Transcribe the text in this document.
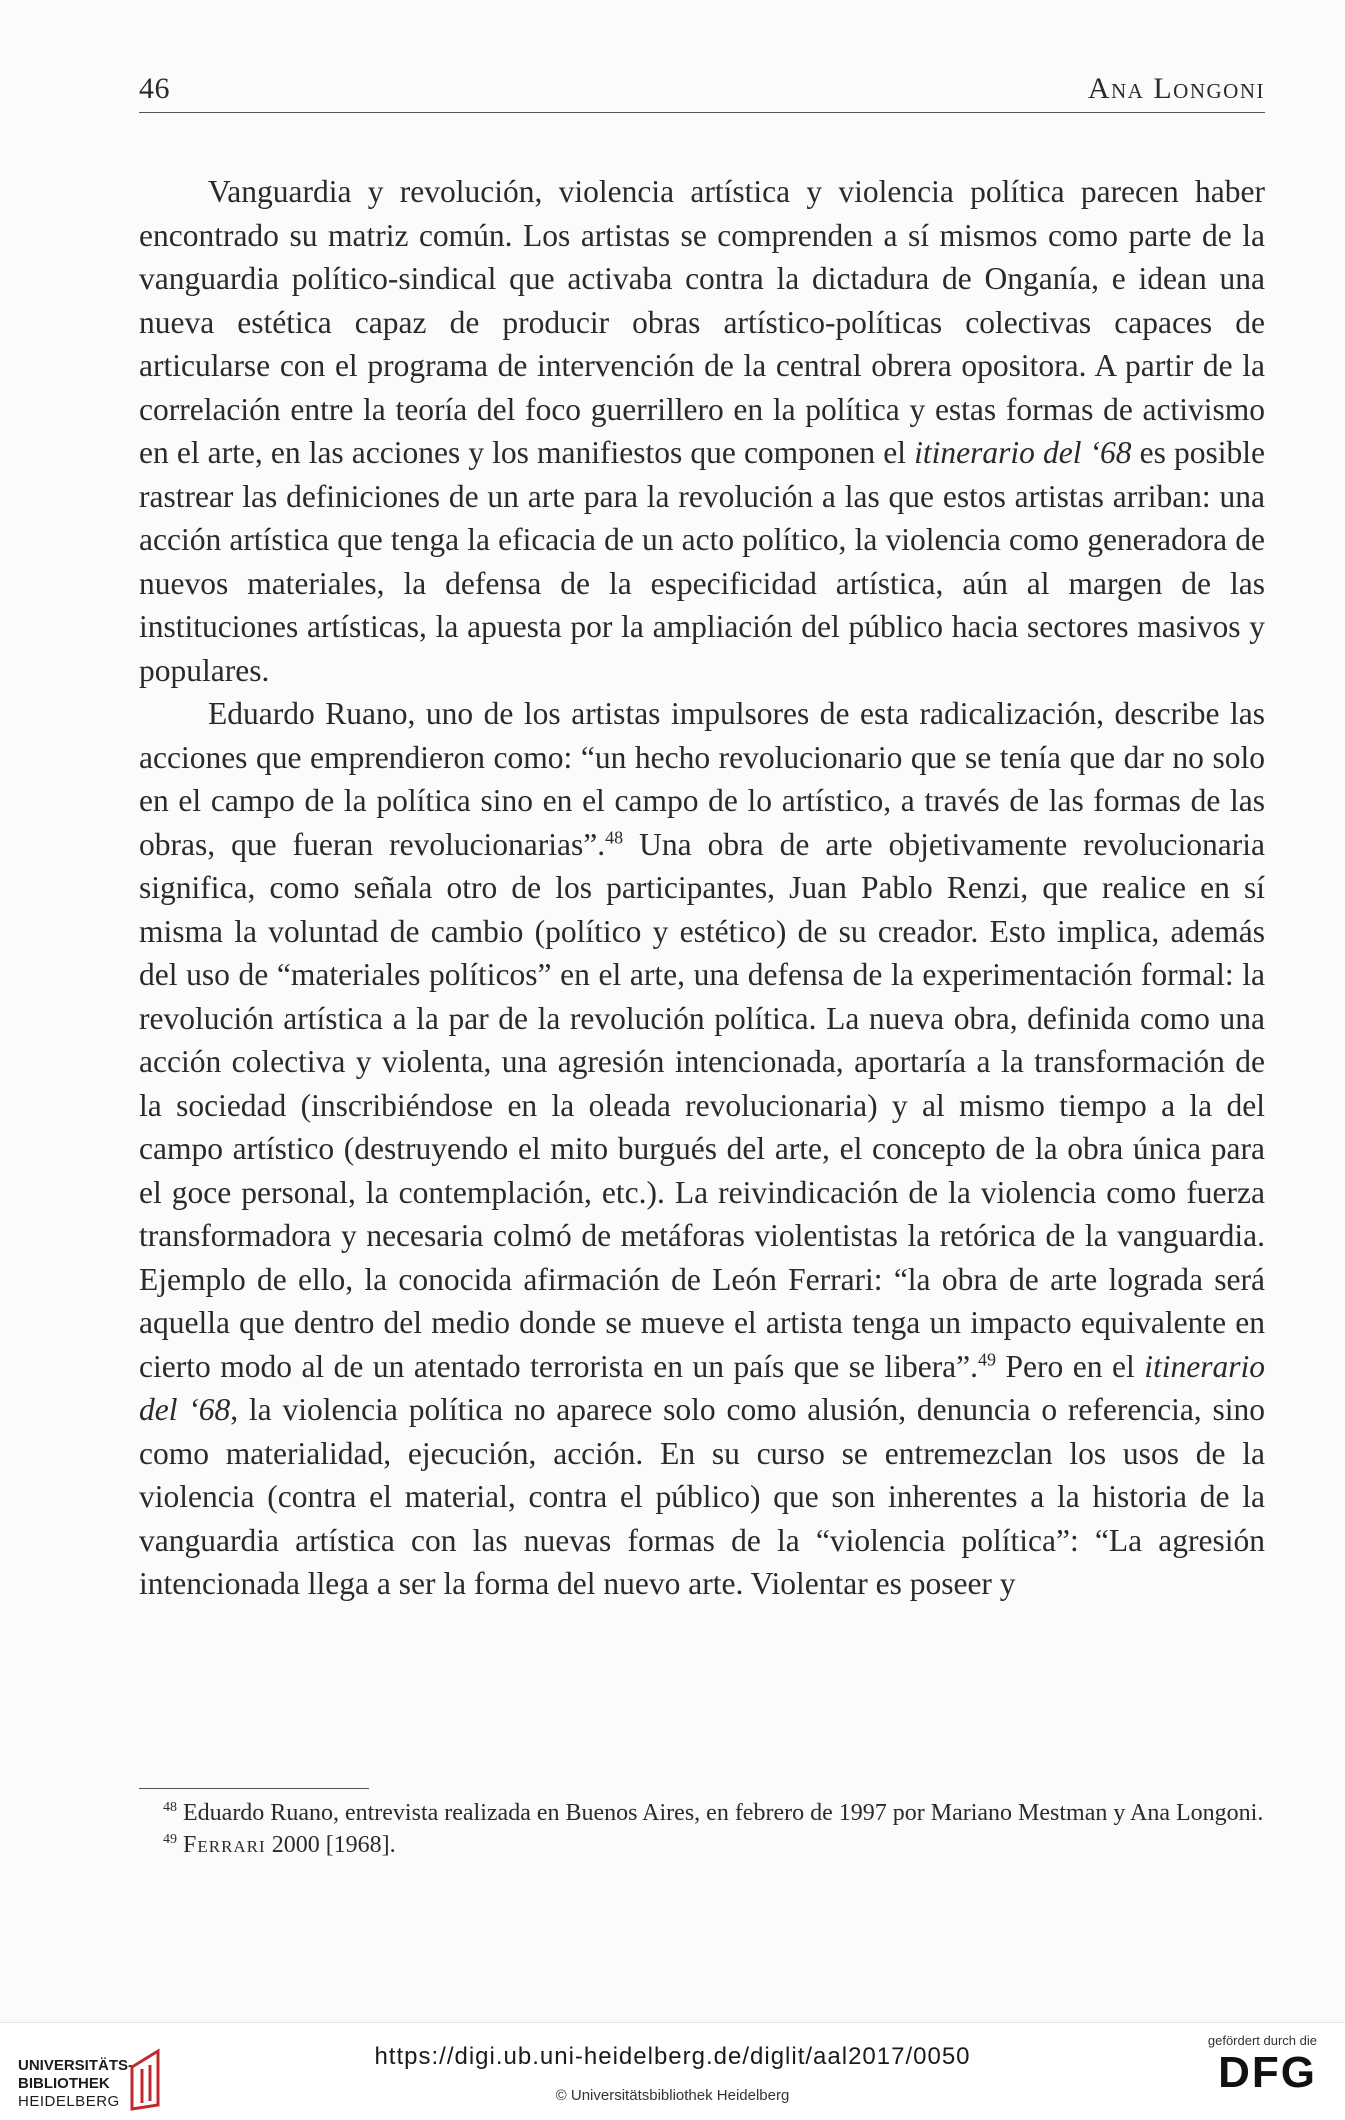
46	Ana Longoni

Vanguardia y revolución, violencia artística y violencia política parecen haber encontrado su matriz común. Los artistas se comprenden a sí mismos como parte de la vanguardia político-sindical que activaba contra la dictadura de Onganía, e idean una nueva estética capaz de producir obras artístico-políticas colectivas capaces de articularse con el programa de intervención de la central obrera opositora. A partir de la correlación entre la teoría del foco guerrillero en la política y estas formas de activismo en el arte, en las acciones y los manifiestos que componen el itinerario del ‘68 es posible rastrear las definiciones de un arte para la revolución a las que estos artistas arriban: una acción artística que tenga la eficacia de un acto político, la violencia como generadora de nuevos materiales, la defensa de la especificidad artística, aún al margen de las instituciones artísticas, la apuesta por la ampliación del público hacia sectores masivos y populares.

Eduardo Ruano, uno de los artistas impulsores de esta radicalización, describe las acciones que emprendieron como: “un hecho revolucionario que se tenía que dar no solo en el campo de la política sino en el campo de lo artístico, a través de las formas de las obras, que fueran revolucionarias”.$^{48}$ Una obra de arte objetivamente revolucionaria significa, como señala otro de los participantes, Juan Pablo Renzi, que realice en sí misma la voluntad de cambio (político y estético) de su creador. Esto implica, además del uso de “materiales políticos” en el arte, una defensa de la experimentación formal: la revolución artística a la par de la revolución política. La nueva obra, definida como una acción colectiva y violenta, una agresión intencionada, aportaría a la transformación de la sociedad (inscribiéndose en la oleada revolucionaria) y al mismo tiempo a la del campo artístico (destruyendo el mito burgués del arte, el concepto de la obra única para el goce personal, la contemplación, etc.). La reivindicación de la violencia como fuerza transformadora y necesaria colmó de metáforas violentistas la retórica de la vanguardia. Ejemplo de ello, la conocida afirmación de León Ferrari: “la obra de arte lograda será aquella que dentro del medio donde se mueve el artista tenga un impacto equivalente en cierto modo al de un atentado terrorista en un país que se libera”.$^{49}$ Pero en el itinerario del ‘68, la violencia política no aparece solo como alusión, denuncia o referencia, sino como materialidad, ejecución, acción. En su curso se entremezclan los usos de la violencia (contra el material, contra el público) que son inherentes a la historia de la vanguardia artística con las nuevas formas de la “violencia política”: “La agresión intencionada llega a ser la forma del nuevo arte. Violentar es poseer y

$^{48}$ Eduardo Ruano, entrevista realizada en Buenos Aires, en febrero de 1997 por Mariano Mestman y Ana Longoni.

$^{49}$ Ferrari 2000 [1968].

UNIVERSITÄTS-
BIBLIOTHEK
HEIDELBERG
https://digi.ub.uni-heidelberg.de/diglit/aal2017/0050
© Universitätsbibliothek Heidelberg
gefördert durch die
DFG
